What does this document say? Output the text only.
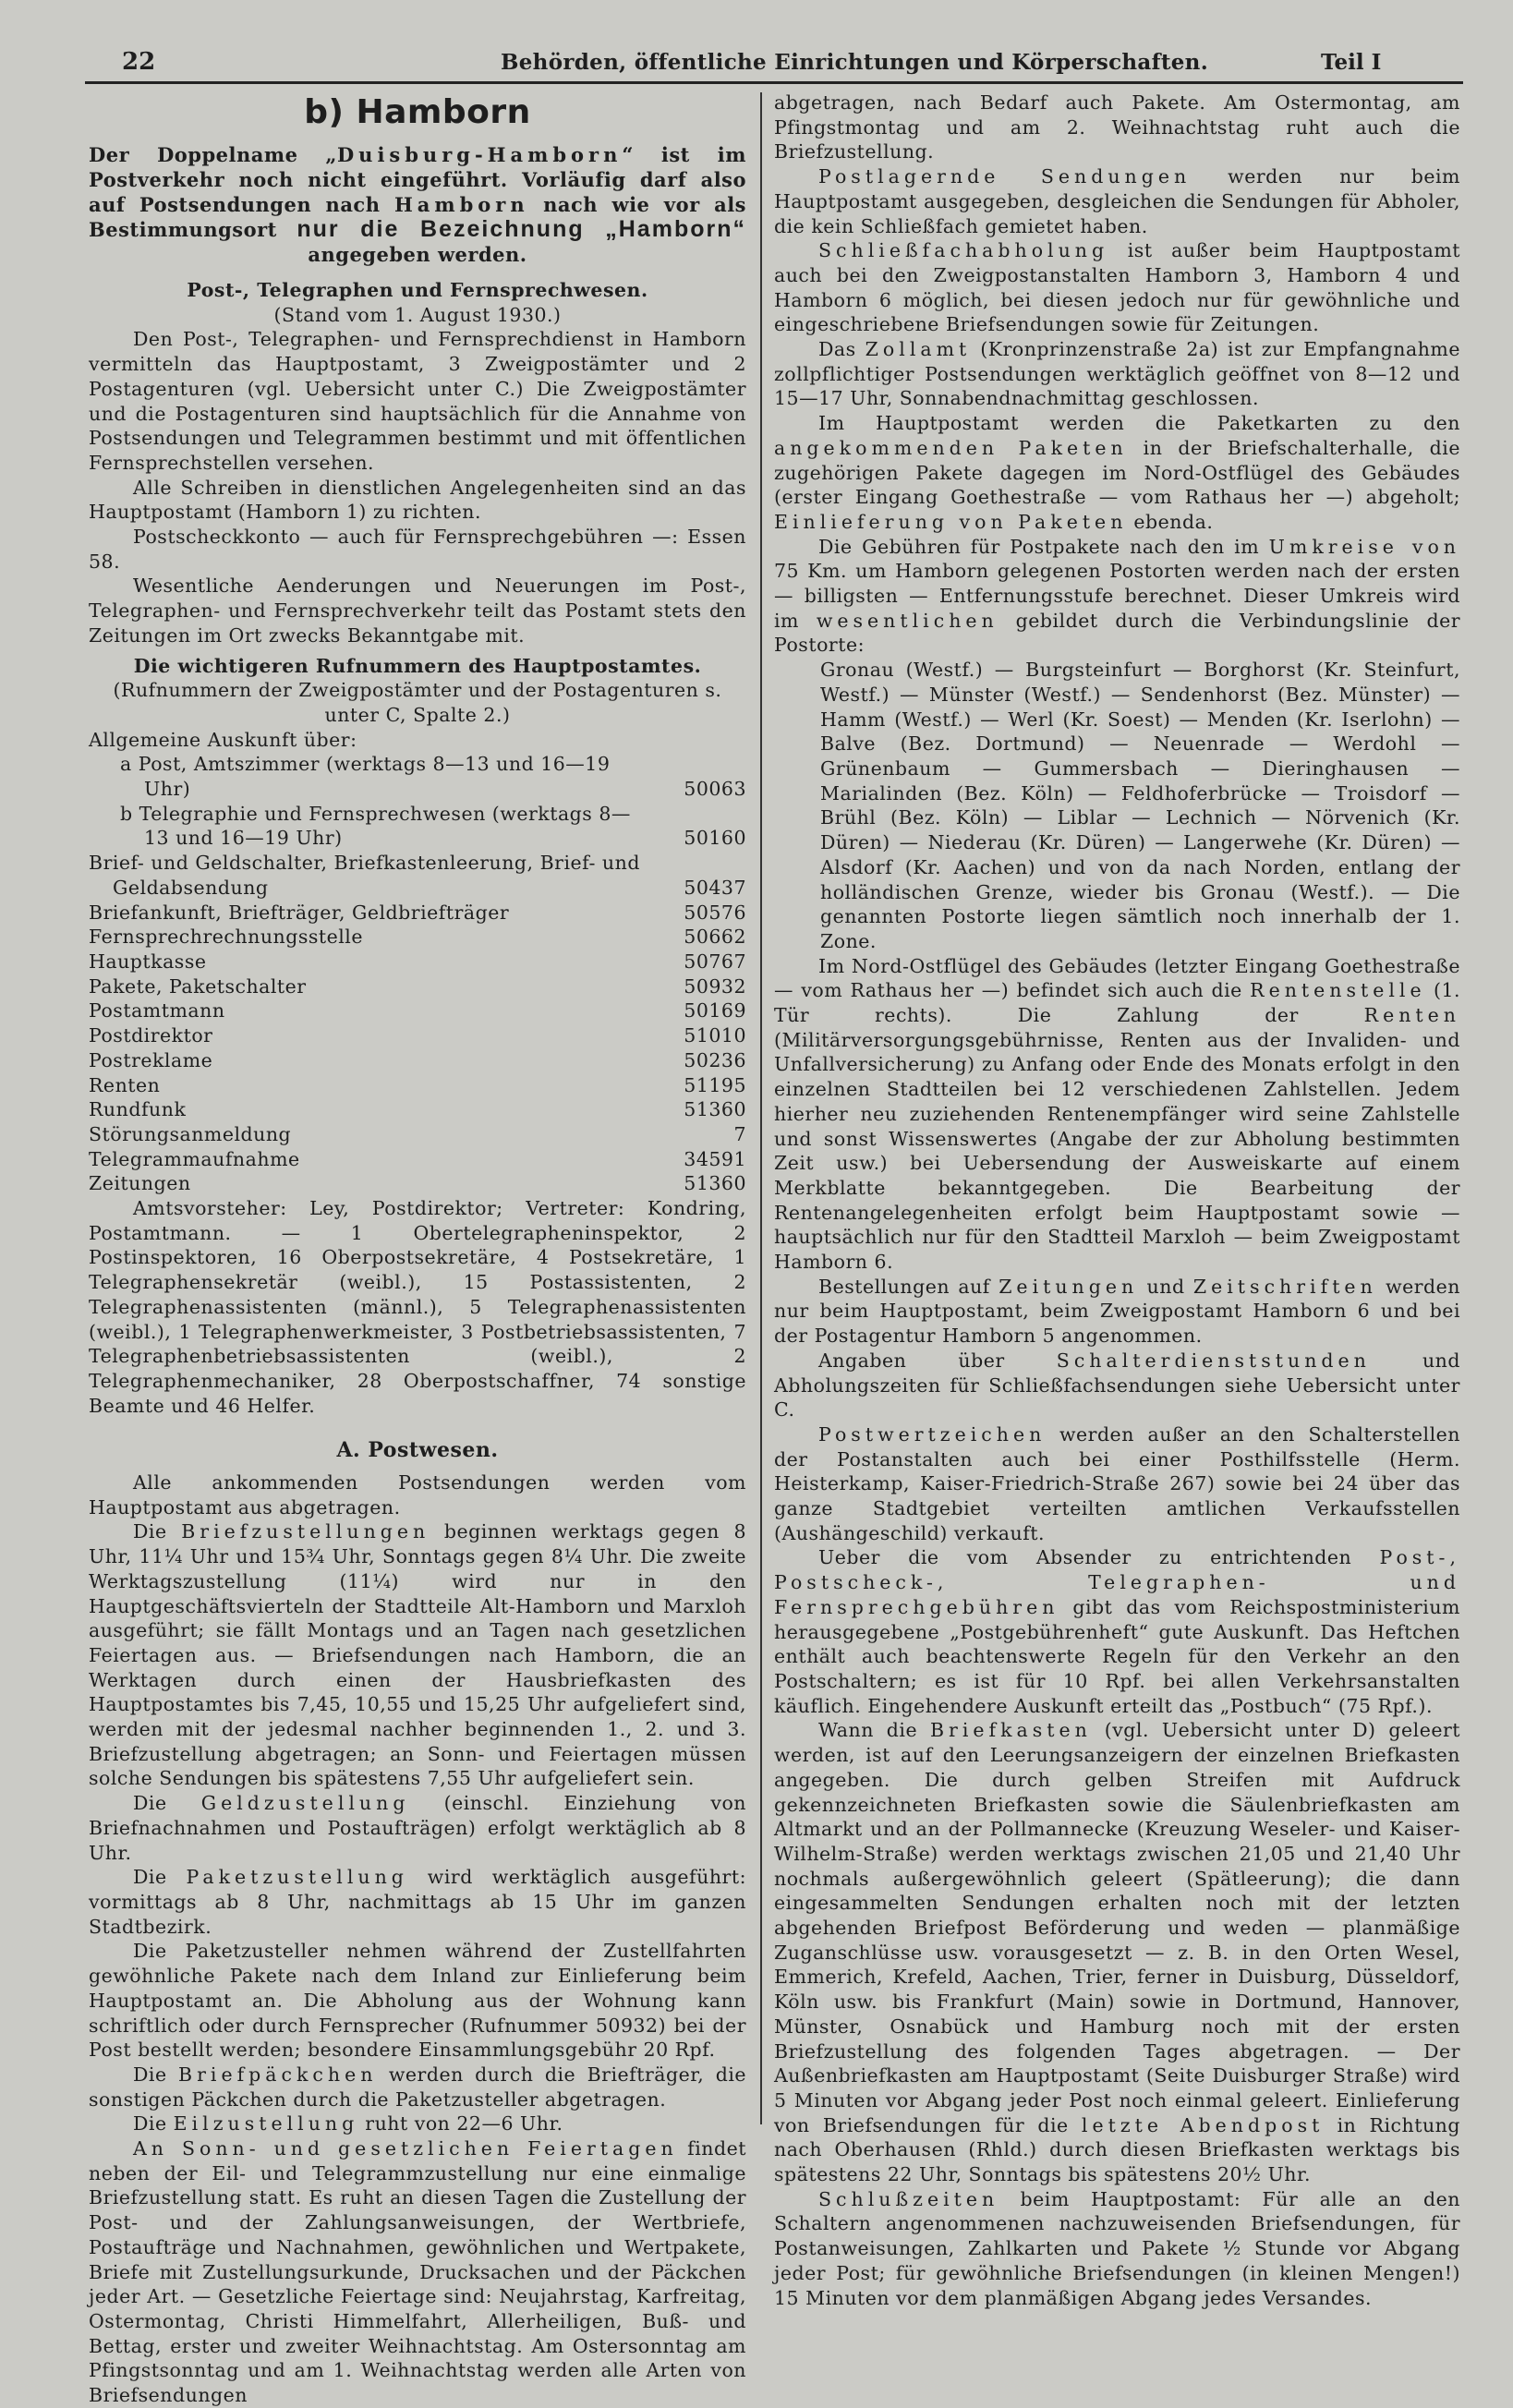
22	Behörden, öffentliche Einrichtungen und Körperschaften.	Teil I
b) Hamborn
Der Doppelname „Duisburg-Hamborn“ ist im Postverkehr noch nicht eingeführt. Vorläufig darf also auf Postsendungen nach Hamborn nach wie vor als Bestimmungsort nur die Bezeichnung „Hamborn“ angegeben werden.
Post-, Telegraphen und Fernsprechwesen.
(Stand vom 1. August 1930.)
Den Post-, Telegraphen- und Fernsprechdienst in Hamborn vermitteln das Hauptpostamt, 3 Zweigpostämter und 2 Postagenturen (vgl. Uebersicht unter C.) Die Zweigpostämter und die Postagenturen sind hauptsächlich für die Annahme von Postsendungen und Telegrammen bestimmt und mit öffentlichen Fernsprechstellen versehen.
Alle Schreiben in dienstlichen Angelegenheiten sind an das Hauptpostamt (Hamborn 1) zu richten.
Postscheckkonto — auch für Fernsprechgebühren —: Essen 58.
Wesentliche Aenderungen und Neuerungen im Post-, Telegraphen- und Fernsprechverkehr teilt das Postamt stets den Zeitungen im Ort zwecks Bekanntgabe mit.
Die wichtigeren Rufnummern des Hauptpostamtes.
(Rufnummern der Zweigpostämter und der Postagenturen s. unter C, Spalte 2.)
Allgemeine Auskunft über:
a Post, Amtszimmer (werktags 8—13 und 16—19 Uhr)	50063
b Telegraphie und Fernsprechwesen (werktags 8—13 und 16—19 Uhr)	50160
Brief- und Geldschalter, Briefkastenleerung, Brief- und Geldabsendung	50437
Briefankunft, Briefträger, Geldbriefträger	50576
Fernsprechrechnungsstelle	50662
Hauptkasse	50767
Pakete, Paketschalter	50932
Postamtmann	50169
Postdirektor	51010
Postreklame	50236
Renten	51195
Rundfunk	51360
Störungsanmeldung	7
Telegrammaufnahme	34591
Zeitungen	51360
Amtsvorsteher: Ley, Postdirektor; Vertreter: Kondring, Postamtmann. — 1 Obertelegrapheninspektor, 2 Postinspektoren, 16 Oberpostsekretäre, 4 Postsekretäre, 1 Telegraphensekretär (weibl.), 15 Postassistenten, 2 Telegraphenassistenten (männl.), 5 Telegraphenassistenten (weibl.), 1 Telegraphenwerkmeister, 3 Postbetriebsassistenten, 7 Telegraphenbetriebsassistenten (weibl.), 2 Telegraphenmechaniker, 28 Oberpostschaffner, 74 sonstige Beamte und 46 Helfer.
A. Postwesen.
Alle ankommenden Postsendungen werden vom Hauptpostamt aus abgetragen.
Die Briefzustellungen beginnen werktags gegen 8 Uhr, 11¼ Uhr und 15¾ Uhr, Sonntags gegen 8¼ Uhr. Die zweite Werktagszustellung (11¼) wird nur in den Hauptgeschäftsvierteln der Stadtteile Alt-Hamborn und Marxloh ausgeführt; sie fällt Montags und an Tagen nach gesetzlichen Feiertagen aus. — Briefsendungen nach Hamborn, die an Werktagen durch einen der Hausbriefkasten des Hauptpostamtes bis 7,45, 10,55 und 15,25 Uhr aufgeliefert sind, werden mit der jedesmal nachher beginnenden 1., 2. und 3. Briefzustellung abgetragen; an Sonn- und Feiertagen müssen solche Sendungen bis spätestens 7,55 Uhr aufgeliefert sein.
Die Geldzustellung (einschl. Einziehung von Briefnachnahmen und Postaufträgen) erfolgt werktäglich ab 8 Uhr.
Die Paketzustellung wird werktäglich ausgeführt: vormittags ab 8 Uhr, nachmittags ab 15 Uhr im ganzen Stadtbezirk.
Die Paketzusteller nehmen während der Zustellfahrten gewöhnliche Pakete nach dem Inland zur Einlieferung beim Hauptpostamt an. Die Abholung aus der Wohnung kann schriftlich oder durch Fernsprecher (Rufnummer 50932) bei der Post bestellt werden; besondere Einsammlungsgebühr 20 Rpf.
Die Briefpäckchen werden durch die Briefträger, die sonstigen Päckchen durch die Paketzusteller abgetragen.
Die Eilzustellung ruht von 22—6 Uhr.
An Sonn- und gesetzlichen Feiertagen findet neben der Eil- und Telegrammzustellung nur eine einmalige Briefzustellung statt. Es ruht an diesen Tagen die Zustellung der Post- und der Zahlungsanweisungen, der Wertbriefe, Postaufträge und Nachnahmen, gewöhnlichen und Wertpakete, Briefe mit Zustellungsurkunde, Drucksachen und der Päckchen jeder Art. — Gesetzliche Feiertage sind: Neujahrstag, Karfreitag, Ostermontag, Christi Himmelfahrt, Allerheiligen, Buß- und Bettag, erster und zweiter Weihnachtstag. Am Ostersonntag am Pfingstsonntag und am 1. Weihnachtstag werden alle Arten von Briefsendungen
abgetragen, nach Bedarf auch Pakete. Am Ostermontag, am Pfingstmontag und am 2. Weihnachtstag ruht auch die Briefzustellung.
Postlagernde Sendungen werden nur beim Hauptpostamt ausgegeben, desgleichen die Sendungen für Abholer, die kein Schließfach gemietet haben.
Schließfachabholung ist außer beim Hauptpostamt auch bei den Zweigpostanstalten Hamborn 3, Hamborn 4 und Hamborn 6 möglich, bei diesen jedoch nur für gewöhnliche und eingeschriebene Briefsendungen sowie für Zeitungen.
Das Zollamt (Kronprinzenstraße 2a) ist zur Empfangnahme zollpflichtiger Postsendungen werktäglich geöffnet von 8—12 und 15—17 Uhr, Sonnabendnachmittag geschlossen.
Im Hauptpostamt werden die Paketkarten zu den angekommenden Paketen in der Briefschalterhalle, die zugehörigen Pakete dagegen im Nord-Ostflügel des Gebäudes (erster Eingang Goethestraße — vom Rathaus her —) abgeholt; Einlieferung von Paketen ebenda.
Die Gebühren für Postpakete nach den im Umkreise von 75 Km. um Hamborn gelegenen Postorten werden nach der ersten — billigsten — Entfernungsstufe berechnet. Dieser Umkreis wird im wesentlichen gebildet durch die Verbindungslinie der Postorte:
Gronau (Westf.) — Burgsteinfurt — Borghorst (Kr. Steinfurt, Westf.) — Münster (Westf.) — Sendenhorst (Bez. Münster) — Hamm (Westf.) — Werl (Kr. Soest) — Menden (Kr. Iserlohn) — Balve (Bez. Dortmund) — Neuenrade — Werdohl — Grünenbaum — Gummersbach — Dieringhausen — Marialinden (Bez. Köln) — Feldhoferbrücke — Troisdorf — Brühl (Bez. Köln) — Liblar — Lechnich — Nörvenich (Kr. Düren) — Niederau (Kr. Düren) — Langerwehe (Kr. Düren) — Alsdorf (Kr. Aachen) und von da nach Norden, entlang der holländischen Grenze, wieder bis Gronau (Westf.). — Die genannten Postorte liegen sämtlich noch innerhalb der 1. Zone.
Im Nord-Ostflügel des Gebäudes (letzter Eingang Goethestraße — vom Rathaus her —) befindet sich auch die Rentenstelle (1. Tür rechts). Die Zahlung der Renten (Militärversorgungsgebührnisse, Renten aus der Invaliden- und Unfallversicherung) zu Anfang oder Ende des Monats erfolgt in den einzelnen Stadtteilen bei 12 verschiedenen Zahlstellen. Jedem hierher neu zuziehenden Rentenempfänger wird seine Zahlstelle und sonst Wissenswertes (Angabe der zur Abholung bestimmten Zeit usw.) bei Uebersendung der Ausweiskarte auf einem Merkblatte bekanntgegeben. Die Bearbeitung der Rentenangelegenheiten erfolgt beim Hauptpostamt sowie — hauptsächlich nur für den Stadtteil Marxloh — beim Zweigpostamt Hamborn 6.
Bestellungen auf Zeitungen und Zeitschriften werden nur beim Hauptpostamt, beim Zweigpostamt Hamborn 6 und bei der Postagentur Hamborn 5 angenommen.
Angaben über Schalterdienststunden und Abholungszeiten für Schließfachsendungen siehe Uebersicht unter C.
Postwertzeichen werden außer an den Schalterstellen der Postanstalten auch bei einer Posthilfsstelle (Herm. Heisterkamp, Kaiser-Friedrich-Straße 267) sowie bei 24 über das ganze Stadtgebiet verteilten amtlichen Verkaufsstellen (Aushängeschild) verkauft.
Ueber die vom Absender zu entrichtenden Post-, Postscheck-, Telegraphen- und Fernsprechgebühren gibt das vom Reichspostministerium herausgegebene „Postgebührenheft“ gute Auskunft. Das Heftchen enthält auch beachtenswerte Regeln für den Verkehr an den Postschaltern; es ist für 10 Rpf. bei allen Verkehrsanstalten käuflich. Eingehendere Auskunft erteilt das „Postbuch“ (75 Rpf.).
Wann die Briefkasten (vgl. Uebersicht unter D) geleert werden, ist auf den Leerungsanzeigern der einzelnen Briefkasten angegeben. Die durch gelben Streifen mit Aufdruck gekennzeichneten Briefkasten sowie die Säulenbriefkasten am Altmarkt und an der Pollmannecke (Kreuzung Weseler- und Kaiser-Wilhelm-Straße) werden werktags zwischen 21,05 und 21,40 Uhr nochmals außergewöhnlich geleert (Spätleerung); die dann eingesammelten Sendungen erhalten noch mit der letzten abgehenden Briefpost Beförderung und weden — planmäßige Zuganschlüsse usw. vorausgesetzt — z. B. in den Orten Wesel, Emmerich, Krefeld, Aachen, Trier, ferner in Duisburg, Düsseldorf, Köln usw. bis Frankfurt (Main) sowie in Dortmund, Hannover, Münster, Osnabück und Hamburg noch mit der ersten Briefzustellung des folgenden Tages abgetragen. — Der Außenbriefkasten am Hauptpostamt (Seite Duisburger Straße) wird 5 Minuten vor Abgang jeder Post noch einmal geleert. Einlieferung von Briefsendungen für die letzte Abendpost in Richtung nach Oberhausen (Rhld.) durch diesen Briefkasten werktags bis spätestens 22 Uhr, Sonntags bis spätestens 20½ Uhr.
Schlußzeiten beim Hauptpostamt: Für alle an den Schaltern angenommenen nachzuweisenden Briefsendungen, für Postanweisungen, Zahlkarten und Pakete ½ Stunde vor Abgang jeder Post; für gewöhnliche Briefsendungen (in kleinen Mengen!) 15 Minuten vor dem planmäßigen Abgang jedes Versandes.
